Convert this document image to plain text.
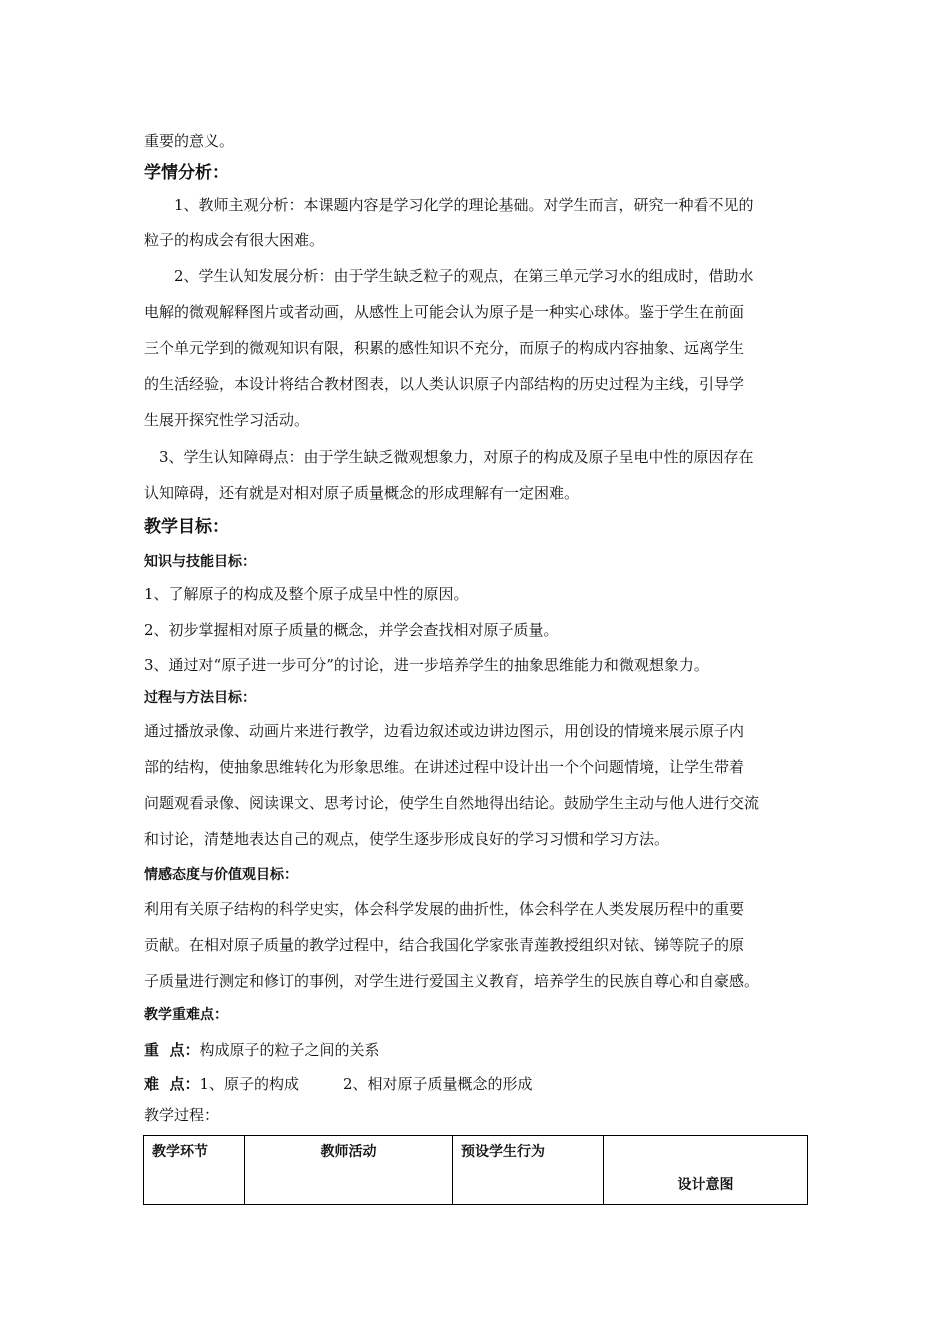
重要的意义。
学情分析：
1、教师主观分析：本课题内容是学习化学的理论基础。对学生而言，研究一种看不见的
粒子的构成会有很大困难。
2、学生认知发展分析：由于学生缺乏粒子的观点，在第三单元学习水的组成时，借助水
电解的微观解释图片或者动画，从感性上可能会认为原子是一种实心球体。鉴于学生在前面
三个单元学到的微观知识有限，积累的感性知识不充分，而原子的构成内容抽象、远离学生
的生活经验，本设计将结合教材图表，以人类认识原子内部结构的历史过程为主线，引导学
生展开探究性学习活动。
3、学生认知障碍点：由于学生缺乏微观想象力，对原子的构成及原子呈电中性的原因存在
认知障碍，还有就是对相对原子质量概念的形成理解有一定困难。
教学目标：
知识与技能目标：
1、了解原子的构成及整个原子成呈中性的原因。
2、初步掌握相对原子质量的概念，并学会查找相对原子质量。
3、通过对“原子进一步可分”的讨论，进一步培养学生的抽象思维能力和微观想象力。
过程与方法目标：
通过播放录像、动画片来进行教学，边看边叙述或边讲边图示，用创设的情境来展示原子内
部的结构，使抽象思维转化为形象思维。在讲述过程中设计出一个个问题情境，让学生带着
问题观看录像、阅读课文、思考讨论，使学生自然地得出结论。鼓励学生主动与他人进行交流
和讨论，清楚地表达自己的观点，使学生逐步形成良好的学习习惯和学习方法。
情感态度与价值观目标：
利用有关原子结构的科学史实，体会科学发展的曲折性，体会科学在人类发展历程中的重要
贡献。在相对原子质量的教学过程中，结合我国化学家张青莲教授组织对铱、锑等院子的原
子质量进行测定和修订的事例，对学生进行爱国主义教育，培养学生的民族自尊心和自豪感。
教学重难点：
重  点：构成原子的粒子之间的关系
难  点：1、原子的构成	2、相对原子质量概念的形成
教学过程：
教学环节	教师活动	预设学生行为	设计意图
